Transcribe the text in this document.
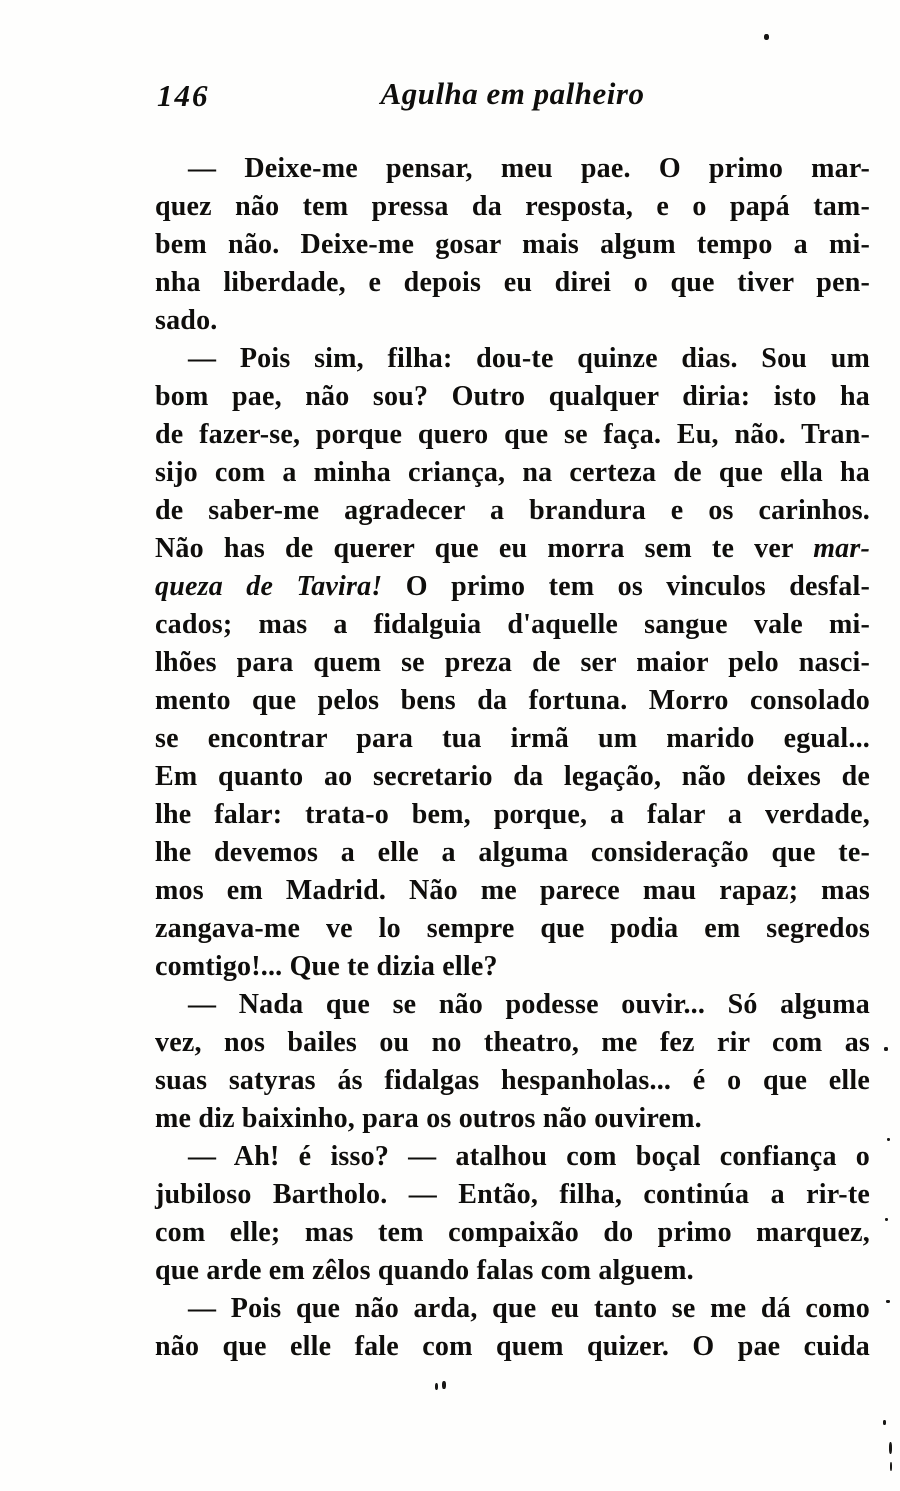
Agulha em palheiro
146
— Deixe-me pensar, meu pae. O primo mar-
quez não tem pressa da resposta, e o papá tam-
bem não. Deixe-me gosar mais algum tempo a mi-
nha liberdade, e depois eu direi o que tiver pen-
sado.
— Pois sim, filha: dou-te quinze dias. Sou um
bom pae, não sou? Outro qualquer diria: isto ha
de fazer-se, porque quero que se faça. Eu, não. Tran-
sijo com a minha criança, na certeza de que ella ha
de saber-me agradecer a brandura e os carinhos.
Não has de querer que eu morra sem te ver mar-
queza de Tavira! O primo tem os vinculos desfal-
cados; mas a fidalguia d'aquelle sangue vale mi-
lhões para quem se preza de ser maior pelo nasci-
mento que pelos bens da fortuna. Morro consolado
se encontrar para tua irmã um marido egual...
Em quanto ao secretario da legação, não deixes de
lhe falar: trata-o bem, porque, a falar a verdade,
lhe devemos a elle a alguma consideração que te-
mos em Madrid. Não me parece mau rapaz; mas
zangava-me ve lo sempre que podia em segredos
comtigo!... Que te dizia elle?
— Nada que se não podesse ouvir... Só alguma
vez, nos bailes ou no theatro, me fez rir com as
suas satyras ás fidalgas hespanholas... é o que elle
me diz baixinho, para os outros não ouvirem.
— Ah! é isso? — atalhou com boçal confiança o
jubiloso Bartholo. — Então, filha, continúa a rir-te
com elle; mas tem compaixão do primo marquez,
que arde em zêlos quando falas com alguem.
— Pois que não arda, que eu tanto se me dá como
não que elle fale com quem quizer. O pae cuida
